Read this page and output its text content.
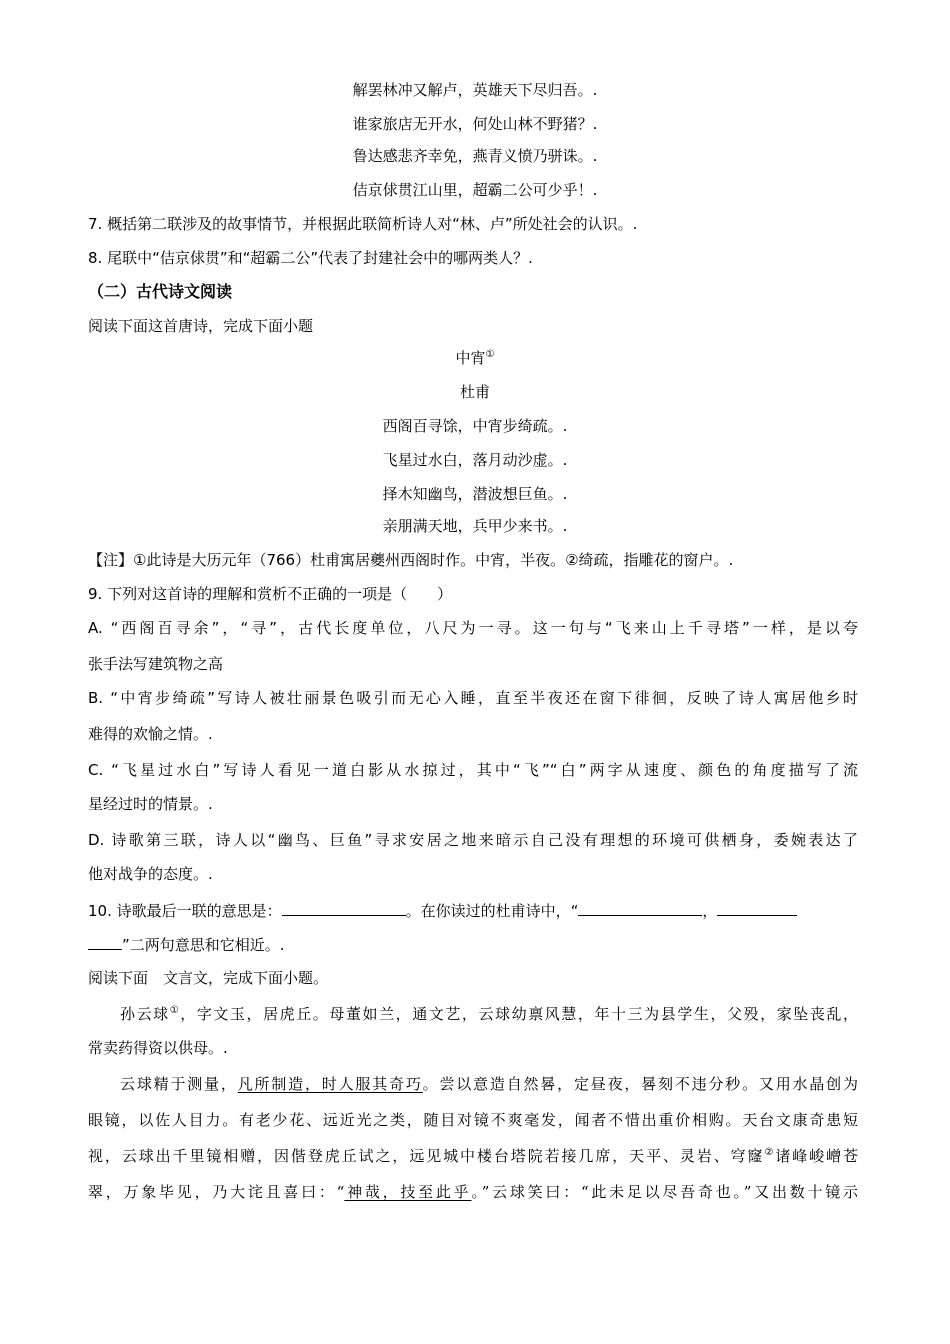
解罢林冲又解卢，英雄天下尽归吾。.
谁家旅店无开水，何处山林不野猪？.
鲁达感悲齐幸免，燕青义愤乃骈诛。.
佶京俅贯江山里，超霸二公可少乎！.
7. 概括第二联涉及的故事情节，并根据此联简析诗人对“林、卢”所处社会的认识。.
8. 尾联中“佶京俅贯”和“超霸二公”代表了封建社会中的哪两类人？.
（二）古代诗文阅读
阅读下面这首唐诗，完成下面小题
中宵①
杜甫
西阁百寻馀，中宵步绮疏。.
飞星过水白，落月动沙虚。.
择木知幽鸟，潜波想巨鱼。.
亲朋满天地，兵甲少来书。.
【注】①此诗是大历元年（766）杜甫寓居夔州西阁时作。中宵，半夜。②绮疏，指雕花的窗户。.
9. 下列对这首诗的理解和赏析不正确的一项是（　　）
A. “西阁百寻余”，“寻”，古代长度单位，八尺为一寻。这一句与“飞来山上千寻塔”一样，是以夸
张手法写建筑物之高
B. “中宵步绮疏”写诗人被壮丽景色吸引而无心入睡，直至半夜还在窗下徘徊，反映了诗人寓居他乡时
难得的欢愉之情。.
C. “飞星过水白”写诗人看见一道白影从水掠过，其中“飞”“白”两字从速度、颜色的角度描写了流
星经过时的情景。.
D. 诗歌第三联，诗人以“幽鸟、巨鱼”寻求安居之地来暗示自己没有理想的环境可供栖身，委婉表达了
他对战争的态度。.
10. 诗歌最后一联的意思是：	。在你读过的杜甫诗中，“	，
”二两句意思和它相近。.
阅读下面　文言文，完成下面小题。
孙云球①，字文玉，居虎丘。母董如兰，通文艺，云球幼禀风慧，年十三为县学生，父殁，家坠丧乱，
常卖药得资以供母。.
云球精于测量，凡所制造，时人服其奇巧。尝以意造自然晷，定昼夜，晷刻不违分秒。又用水晶创为
眼镜，以佐人目力。有老少花、远近光之类，随目对镜不爽毫发，闻者不惜出重价相购。天台文康奇患短
视，云球出千里镜相赠，因偕登虎丘试之，远见城中楼台塔院若接几席，天平、灵岩、穹窿②诸峰峻嶒苍
翠，万象毕见，乃大诧且喜曰：“神哉，技至此乎。”云球笑曰：“此未足以尽吾奇也。”又出数十镜示
